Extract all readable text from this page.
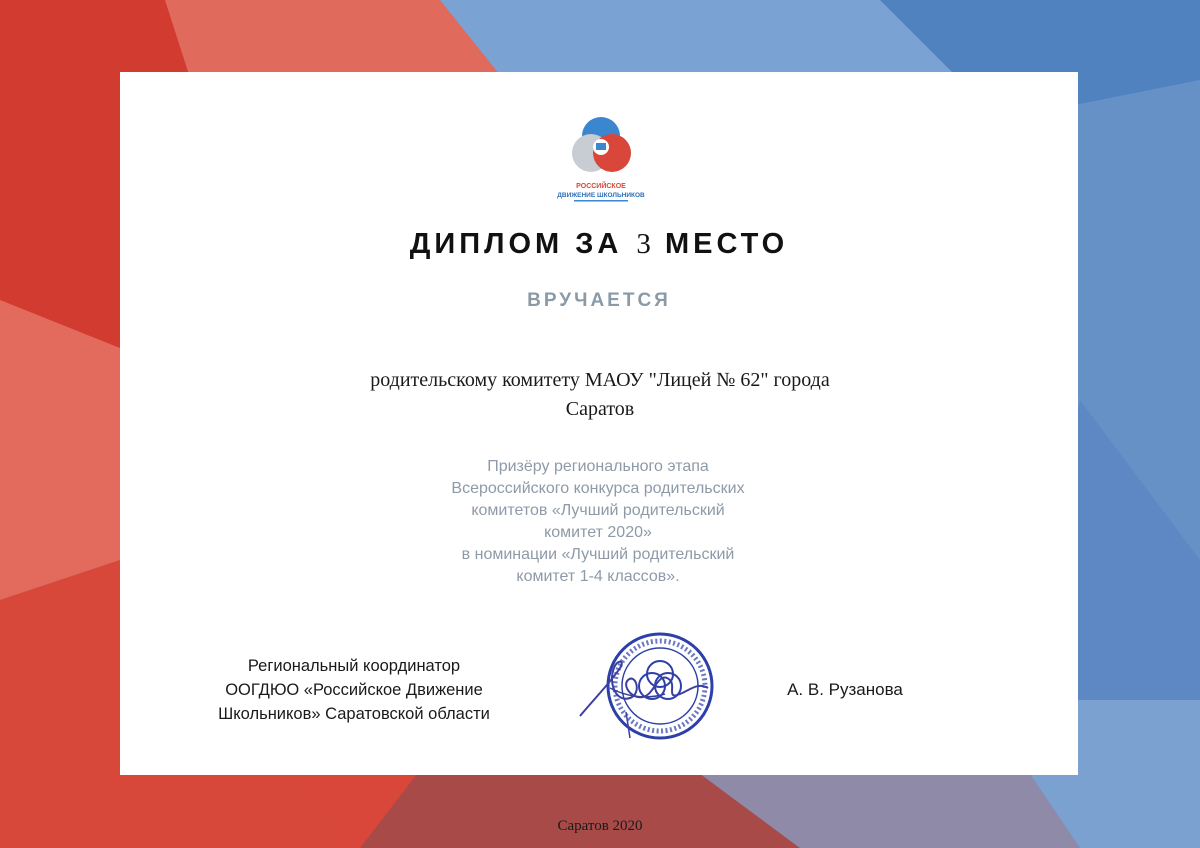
РОССИЙСКОЕ
ДВИЖЕНИЕ ШКОЛЬНИКОВ
ДИПЛОМ ЗА 3 МЕСТО
ВРУЧАЕТСЯ
родительскому комитету МАОУ "Лицей № 62" города
Саратов
Призёру регионального этапа
Всероссийского конкурса родительских
комитетов «Лучший родительский
комитет 2020»
в номинации «Лучший родительский
комитет 1-4 классов».
Региональный координатор
ООГДЮО «Российское Движение
Школьников» Саратовской области
А. В. Рузанова
Саратов 2020
